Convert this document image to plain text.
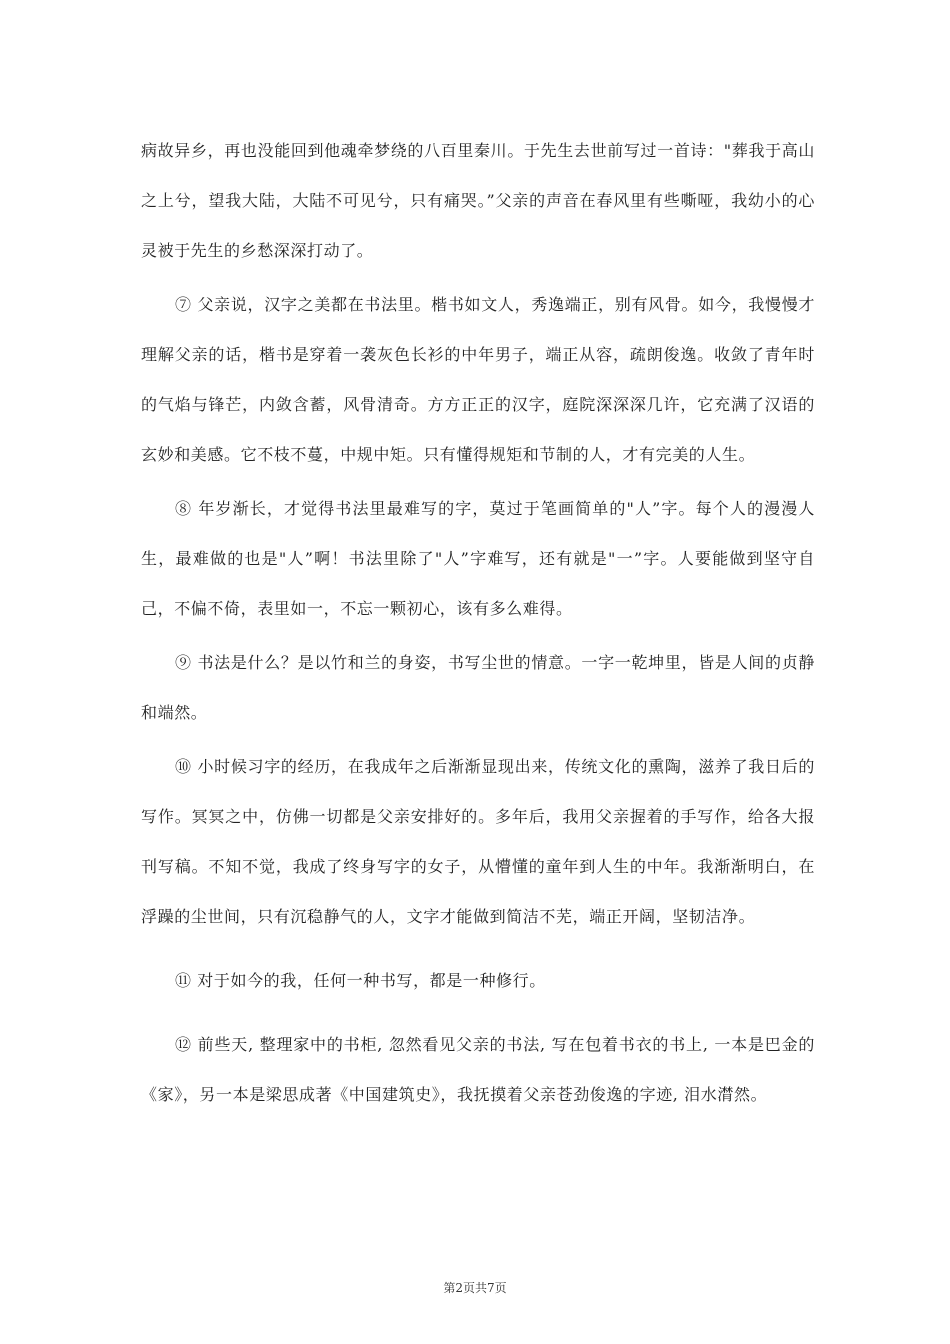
病故异乡，再也没能回到他魂牵梦绕的八百里秦川。于先生去世前写过一首诗："葬我于高山之上兮，望我大陆，大陆不可见兮，只有痛哭。”父亲的声音在春风里有些嘶哑，我幼小的心灵被于先生的乡愁深深打动了。

⑦ 父亲说，汉字之美都在书法里。楷书如文人，秀逸端正，别有风骨。如今，我慢慢才理解父亲的话，楷书是穿着一袭灰色长衫的中年男子，端正从容，疏朗俊逸。收敛了青年时的气焰与锋芒，内敛含蓄，风骨清奇。方方正正的汉字，庭院深深深几许，它充满了汉语的玄妙和美感。它不枝不蔓，中规中矩。只有懂得规矩和节制的人，才有完美的人生。

⑧ 年岁渐长，才觉得书法里最难写的字，莫过于笔画简单的"人”字。每个人的漫漫人生，最难做的也是"人”啊！书法里除了"人”字难写，还有就是"一”字。人要能做到坚守自己，不偏不倚，表里如一，不忘一颗初心，该有多么难得。

⑨ 书法是什么？是以竹和兰的身姿，书写尘世的情意。一字一乾坤里，皆是人间的贞静和端然。

⑩ 小时候习字的经历，在我成年之后渐渐显现出来，传统文化的熏陶，滋养了我日后的写作。冥冥之中，仿佛一切都是父亲安排好的。多年后，我用父亲握着的手写作，给各大报刊写稿。不知不觉，我成了终身写字的女子，从懵懂的童年到人生的中年。我渐渐明白，在浮躁的尘世间，只有沉稳静气的人，文字才能做到简洁不芜，端正开阔，坚韧洁净。

⑪ 对于如今的我，任何一种书写，都是一种修行。

⑫ 前些天, 整理家中的书柜, 忽然看见父亲的书法, 写在包着书衣的书上, 一本是巴金的《家》，另一本是梁思成著《中国建筑史》，我抚摸着父亲苍劲俊逸的字迹, 泪水潸然。

第2页共7页
